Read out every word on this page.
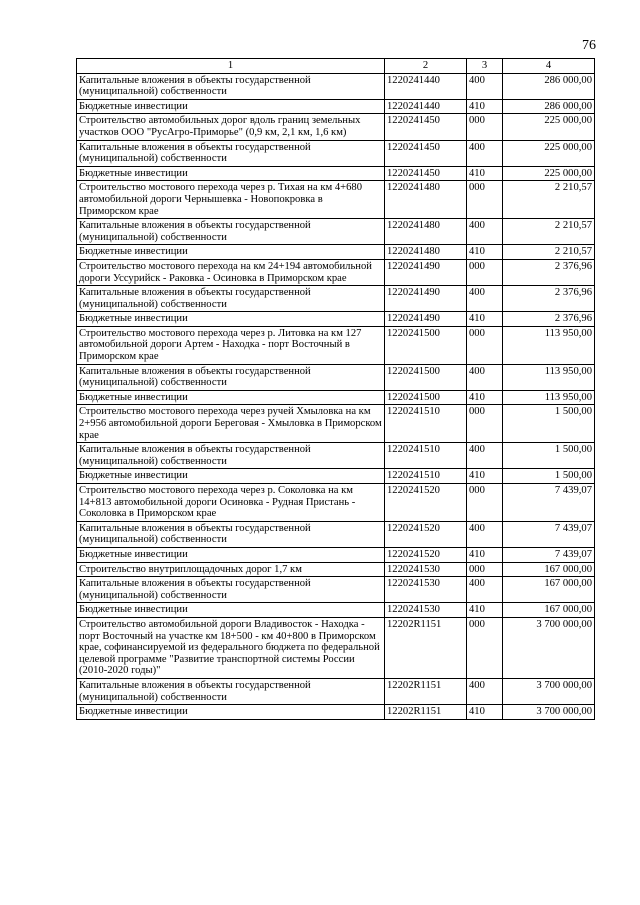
76
1	2	3	4
Капитальные вложения в объекты государственной (муниципальной) собственности	1220241440	400	286 000,00
Бюджетные инвестиции	1220241440	410	286 000,00
Строительство автомобильных дорог вдоль границ земельных участков ООО "РусАгро-Приморье" (0,9 км, 2,1 км, 1,6 км)	1220241450	000	225 000,00
Капитальные вложения в объекты государственной (муниципальной) собственности	1220241450	400	225 000,00
Бюджетные инвестиции	1220241450	410	225 000,00
Строительство мостового перехода через р. Тихая на км 4+680 автомобильной дороги Чернышевка - Новопокровка в Приморском крае	1220241480	000	2 210,57
Капитальные вложения в объекты государственной (муниципальной) собственности	1220241480	400	2 210,57
Бюджетные инвестиции	1220241480	410	2 210,57
Строительство мостового перехода на км 24+194 автомобильной дороги Уссурийск - Раковка - Осиновка в Приморском крае	1220241490	000	2 376,96
Капитальные вложения в объекты государственной (муниципальной) собственности	1220241490	400	2 376,96
Бюджетные инвестиции	1220241490	410	2 376,96
Строительство мостового перехода через р. Литовка на км 127 автомобильной дороги Артем - Находка - порт Восточный в Приморском крае	1220241500	000	113 950,00
Капитальные вложения в объекты государственной (муниципальной) собственности	1220241500	400	113 950,00
Бюджетные инвестиции	1220241500	410	113 950,00
Строительство мостового перехода через ручей Хмыловка на км 2+956 автомобильной дороги Береговая - Хмыловка в Приморском крае	1220241510	000	1 500,00
Капитальные вложения в объекты государственной (муниципальной) собственности	1220241510	400	1 500,00
Бюджетные инвестиции	1220241510	410	1 500,00
Строительство мостового перехода через р. Соколовка на км 14+813 автомобильной дороги Осиновка - Рудная Пристань - Соколовка в Приморском крае	1220241520	000	7 439,07
Капитальные вложения в объекты государственной (муниципальной) собственности	1220241520	400	7 439,07
Бюджетные инвестиции	1220241520	410	7 439,07
Строительство внутриплощадочных дорог 1,7 км	1220241530	000	167 000,00
Капитальные вложения в объекты государственной (муниципальной) собственности	1220241530	400	167 000,00
Бюджетные инвестиции	1220241530	410	167 000,00
Строительство автомобильной дороги Владивосток - Находка - порт Восточный на участке км 18+500 - км 40+800 в Приморском крае, софинансируемой из федерального бюджета по федеральной целевой программе "Развитие транспортной системы России (2010-2020 годы)"	12202R1151	000	3 700 000,00
Капитальные вложения в объекты государственной (муниципальной) собственности	12202R1151	400	3 700 000,00
Бюджетные инвестиции	12202R1151	410	3 700 000,00
